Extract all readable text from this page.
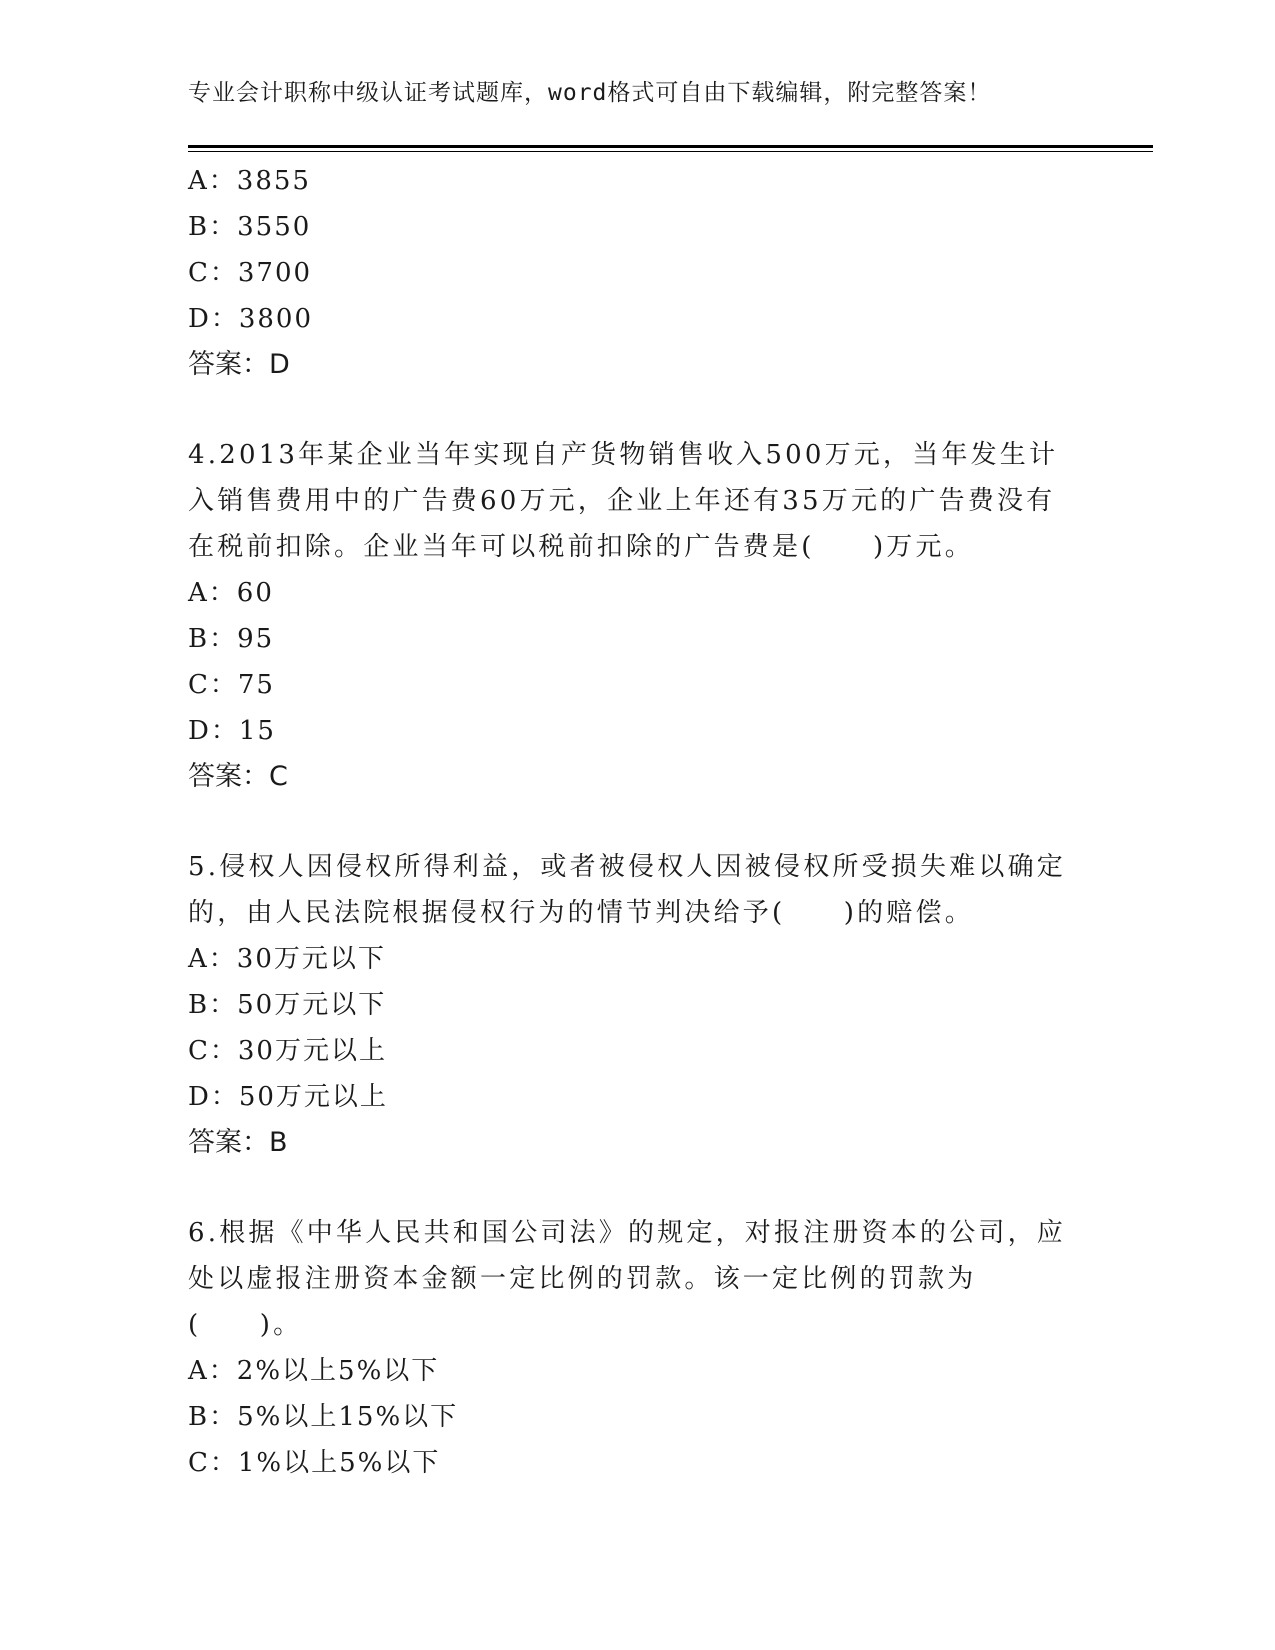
专业会计职称中级认证考试题库，word格式可自由下载编辑，附完整答案！
A：3855
B：3550
C：3700
D：3800
答案：D
4.2013年某企业当年实现自产货物销售收入500万元，当年发生计入销售费用中的广告费60万元，企业上年还有35万元的广告费没有在税前扣除。企业当年可以税前扣除的广告费是(　　)万元。
A：60
B：95
C：75
D：15
答案：C
5.侵权人因侵权所得利益，或者被侵权人因被侵权所受损失难以确定的，由人民法院根据侵权行为的情节判决给予(　　)的赔偿。
A：30万元以下
B：50万元以下
C：30万元以上
D：50万元以上
答案：B
6.根据《中华人民共和国公司法》的规定，对报注册资本的公司，应处以虚报注册资本金额一定比例的罚款。该一定比例的罚款为(　　)。
A：2%以上5%以下
B：5%以上15%以下
C：1%以上5%以下
